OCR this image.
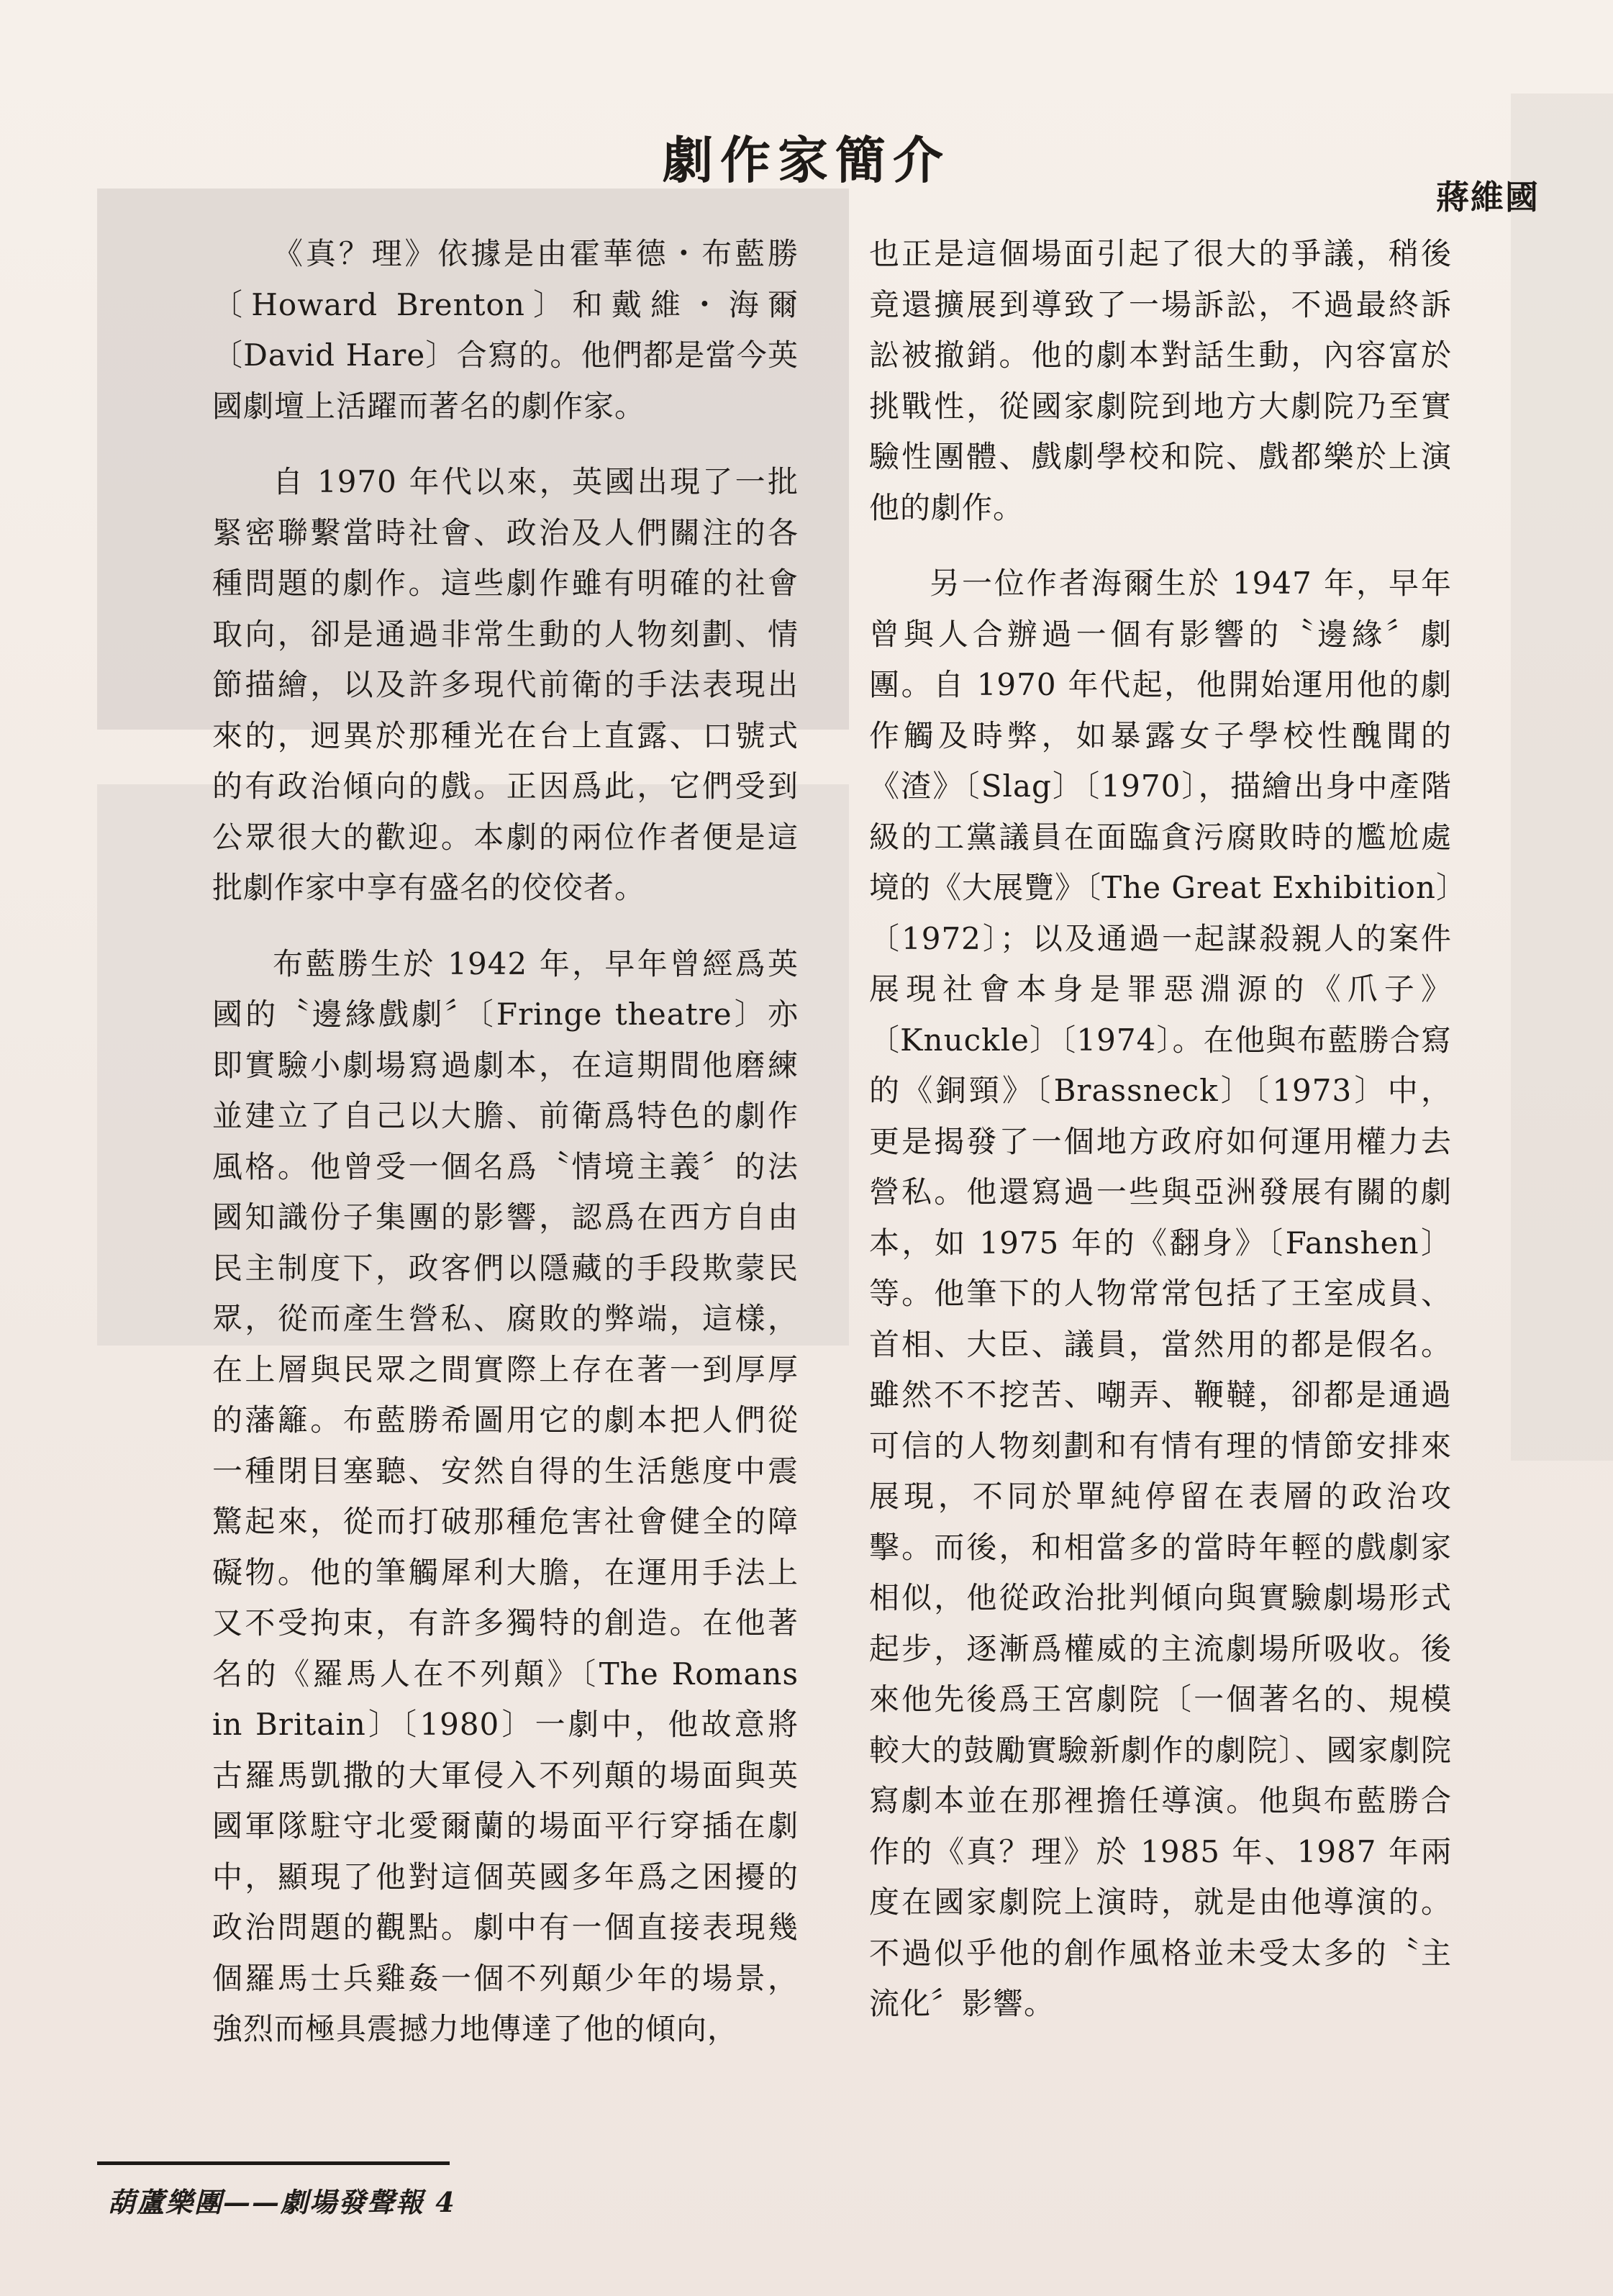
劇作家簡介
蔣維國

《真？理》依據是由霍華德・布藍勝〔Howard Brenton〕和戴維・海爾〔David Hare〕合寫的。他們都是當今英國劇壇上活躍而著名的劇作家。

自 1970 年代以來，英國出現了一批緊密聯繫當時社會、政治及人們關注的各種問題的劇作。這些劇作雖有明確的社會取向，卻是通過非常生動的人物刻劃、情節描繪，以及許多現代前衛的手法表現出來的，迥異於那種光在台上直露、口號式的有政治傾向的戲。正因爲此，它們受到公眾很大的歡迎。本劇的兩位作者便是這批劇作家中享有盛名的佼佼者。

布藍勝生於 1942 年，早年曾經爲英國的〝邊緣戲劇〞〔Fringe theatre〕亦即實驗小劇場寫過劇本，在這期間他磨練並建立了自己以大膽、前衛爲特色的劇作風格。他曾受一個名爲〝情境主義〞的法國知識份子集團的影響，認爲在西方自由民主制度下，政客們以隱藏的手段欺蒙民眾，從而產生營私、腐敗的弊端，這樣，在上層與民眾之間實際上存在著一到厚厚的藩籬。布藍勝希圖用它的劇本把人們從一種閉目塞聽、安然自得的生活態度中震驚起來，從而打破那種危害社會健全的障礙物。他的筆觸犀利大膽，在運用手法上又不受拘束，有許多獨特的創造。在他著名的《羅馬人在不列顛》〔The Romans in Britain〕〔1980〕一劇中，他故意將古羅馬凱撒的大軍侵入不列顛的場面與英國軍隊駐守北愛爾蘭的場面平行穿插在劇中，顯現了他對這個英國多年爲之困擾的政治問題的觀點。劇中有一個直接表現幾個羅馬士兵雞姦一個不列顛少年的場景，強烈而極具震撼力地傳達了他的傾向，

也正是這個場面引起了很大的爭議，稍後竟還擴展到導致了一場訴訟，不過最終訴訟被撤銷。他的劇本對話生動，內容富於挑戰性，從國家劇院到地方大劇院乃至實驗性團體、戲劇學校和院、戲都樂於上演他的劇作。

另一位作者海爾生於 1947 年，早年曾與人合辦過一個有影響的〝邊緣〞劇團。自 1970 年代起，他開始運用他的劇作觸及時弊，如暴露女子學校性醜聞的《渣》〔Slag〕〔1970〕，描繪出身中產階級的工黨議員在面臨貪污腐敗時的尷尬處境的《大展覽》〔The Great Exhibition〕〔1972〕；以及通過一起謀殺親人的案件展現社會本身是罪惡淵源的《爪子》〔Knuckle〕〔1974〕。在他與布藍勝合寫的《銅頸》〔Brassneck〕〔1973〕中，更是揭發了一個地方政府如何運用權力去營私。他還寫過一些與亞洲發展有關的劇本，如 1975 年的《翻身》〔Fanshen〕等。他筆下的人物常常包括了王室成員、首相、大臣、議員，當然用的都是假名。雖然不不挖苦、嘲弄、鞭韃，卻都是通過可信的人物刻劃和有情有理的情節安排來展現，不同於單純停留在表層的政治攻擊。而後，和相當多的當時年輕的戲劇家相似，他從政治批判傾向與實驗劇場形式起步，逐漸爲權威的主流劇場所吸收。後來他先後爲王宮劇院〔一個著名的、規模較大的鼓勵實驗新劇作的劇院〕、國家劇院寫劇本並在那裡擔任導演。他與布藍勝合作的《真？理》於 1985 年、1987 年兩度在國家劇院上演時，就是由他導演的。不過似乎他的創作風格並未受太多的〝主流化〞影響。

葫蘆樂團——劇場發聲報 4
